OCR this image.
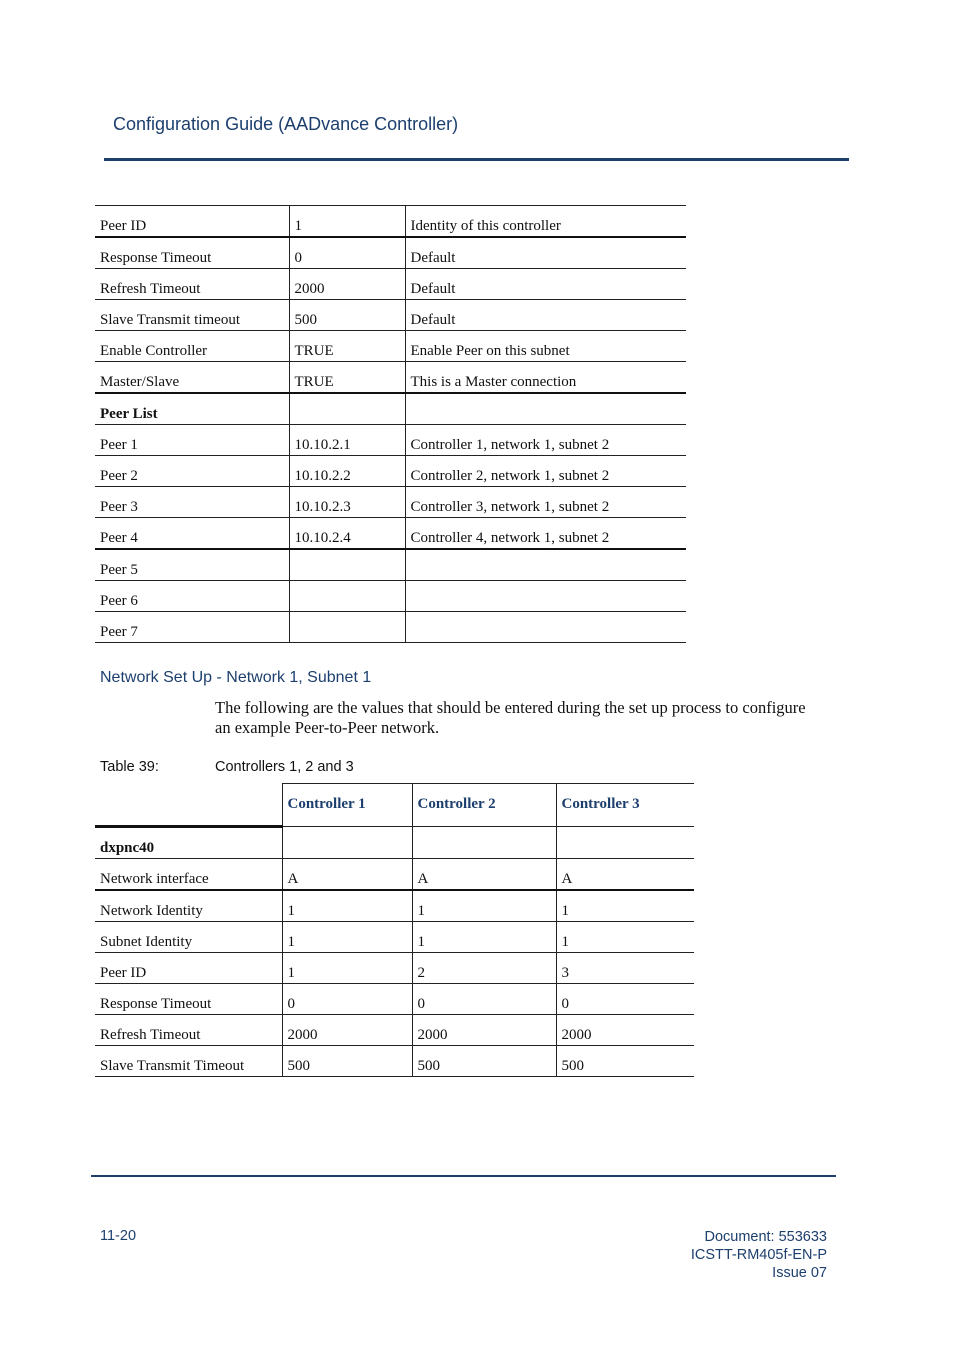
Configuration Guide (AADvance Controller)
Peer ID	1	Identity of this controller
Response Timeout	0	Default
Refresh Timeout	2000	Default
Slave Transmit timeout	500	Default
Enable Controller	TRUE	Enable Peer on this subnet
Master/Slave	TRUE	This is a Master connection
Peer List		
Peer 1	10.10.2.1	Controller 1, network 1, subnet 2
Peer 2	10.10.2.2	Controller 2, network 1, subnet 2
Peer 3	10.10.2.3	Controller 3, network 1, subnet 2
Peer 4	10.10.2.4	Controller 4, network 1, subnet 2
Peer 5		
Peer 6		
Peer 7		
Network Set Up - Network 1, Subnet 1
The following are the values that should be entered during the set up process to configure an example Peer-to-Peer network.
Table 39:	Controllers 1, 2 and 3
	Controller 1	Controller 2	Controller 3
dxpnc40			
Network interface	A	A	A
Network Identity	1	1	1
Subnet Identity	1	1	1
Peer ID	1	2	3
Response Timeout	0	0	0
Refresh Timeout	2000	2000	2000
Slave Transmit Timeout	500	500	500
11-20	Document: 553633
ICSTT-RM405f-EN-P
Issue 07
